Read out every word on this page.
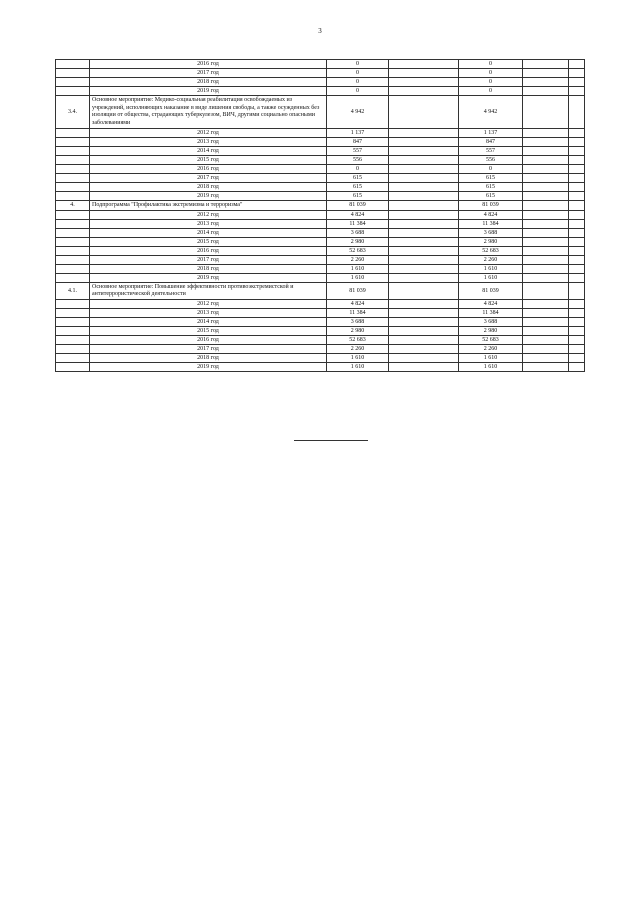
3
	2016 год	0		0		
	2017 год	0		0		
	2018 год	0		0		
	2019 год	0		0		
3.4.	Основное мероприятие: Медико-социальная реабилитация освобождаемых из учреждений, исполняющих наказание в виде лишения свободы, а также осужденных без изоляции от общества, страдающих туберкулезом, ВИЧ, другими социально опасными заболеваниями	4 942		4 942		
	2012 год	1 137		1 137		
	2013 год	847		847		
	2014 год	557		557		
	2015 год	556		556		
	2016 год	0		0		
	2017 год	615		615		
	2018 год	615		615		
	2019 год	615		615		
4.	Подпрограмма "Профилактика экстремизма и терроризма"	81 039		81 039		
	2012 год	4 824		4 824		
	2013 год	11 384		11 384		
	2014 год	3 688		3 688		
	2015 год	2 980		2 980		
	2016 год	52 683		52 683		
	2017 год	2 260		2 260		
	2018 год	1 610		1 610		
	2019 год	1 610		1 610		
4.1.	Основное мероприятие: Повышение эффективности противоэкстремистской и антитеррористической деятельности	81 039		81 039		
	2012 год	4 824		4 824		
	2013 год	11 384		11 384		
	2014 год	3 688		3 688		
	2015 год	2 980		2 980		
	2016 год	52 683		52 683		
	2017 год	2 260		2 260		
	2018 год	1 610		1 610		
	2019 год	1 610		1 610		
